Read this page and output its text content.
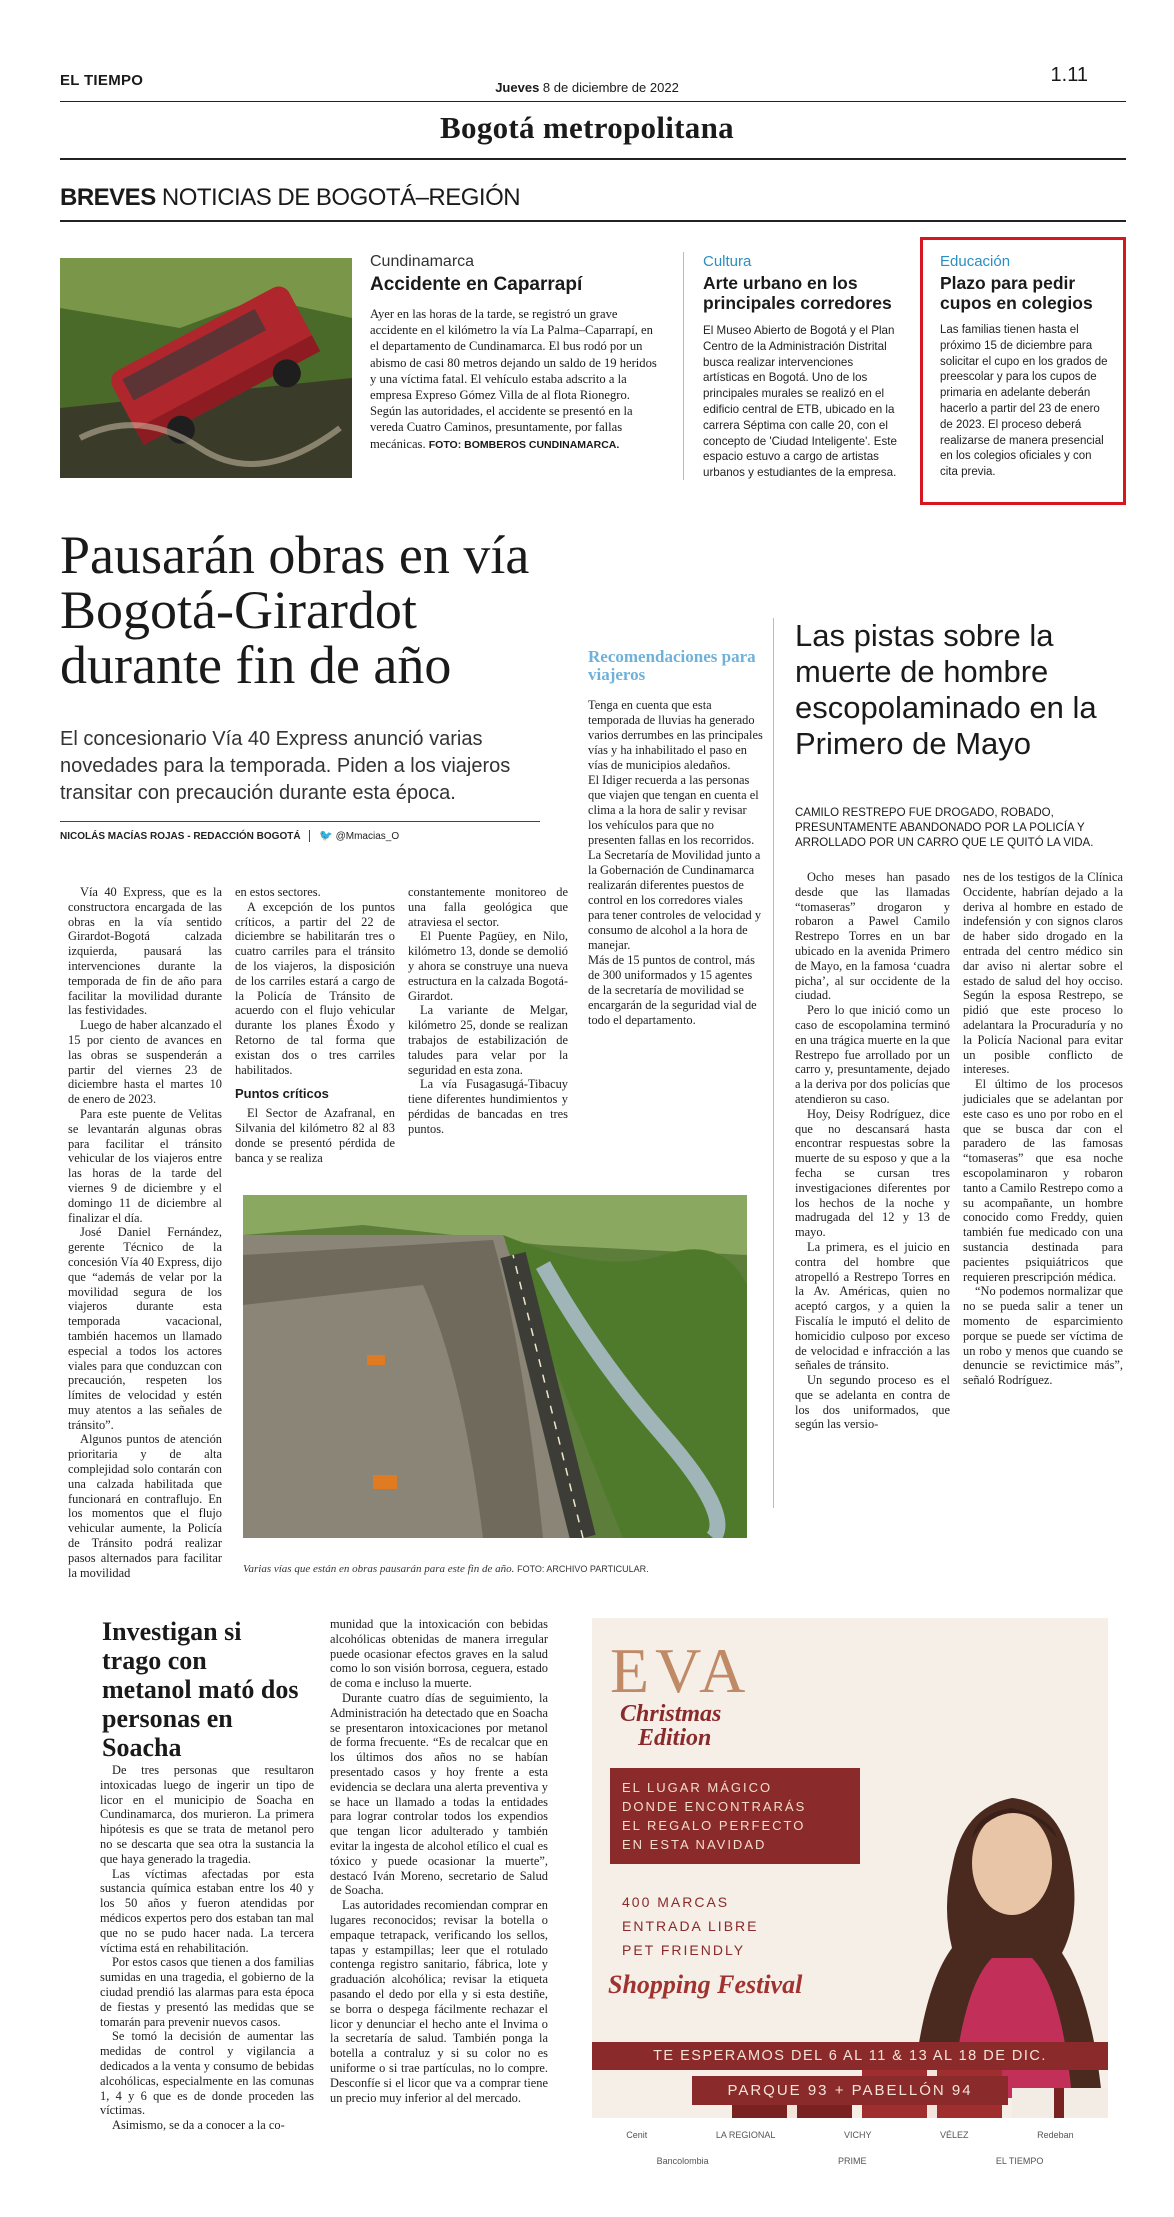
EL TIEMPO	Jueves 8 de diciembre de 2022
1.11
Bogotá metropolitana
BREVES NOTICIAS DE BOGOTÁ–REGIÓN
Cundinamarca
Accidente en Caparrapí
Ayer en las horas de la tarde, se registró un grave accidente en el kilómetro la vía La Palma–Caparrapí, en el departamento de Cundinamarca. El bus rodó por un abismo de casi 80 metros dejando un saldo de 19 heridos y una víctima fatal. El vehículo estaba adscrito a la empresa Expreso Gómez Villa de al flota Rionegro. Según las autoridades, el accidente se presentó en la vereda Cuatro Caminos, presuntamente, por fallas mecánicas. FOTO: BOMBEROS CUNDINAMARCA.
Cultura
Arte urbano en los principales corredores
El Museo Abierto de Bogotá y el Plan Centro de la Administración Distrital busca realizar intervenciones artísticas en Bogotá. Uno de los principales murales se realizó en el edificio central de ETB, ubicado en la carrera Séptima con calle 20, con el concepto de 'Ciudad Inteligente'. Este espacio estuvo a cargo de artistas urbanos y estudiantes de la empresa.
Educación
Plazo para pedir cupos en colegios
Las familias tienen hasta el próximo 15 de diciembre para solicitar el cupo en los grados de preescolar y para los cupos de primaria en adelante deberán hacerlo a partir del 23 de enero de 2023. El proceso deberá realizarse de manera presencial en los colegios oficiales y con cita previa.
Pausarán obras en vía Bogotá-Girardot durante fin de año
El concesionario Vía 40 Express anunció varias novedades para la temporada. Piden a los viajeros transitar con precaución durante esta época.
NICOLÁS MACÍAS ROJAS - REDACCIÓN BOGOTÁ 🐦 @Mmacias_O

Vía 40 Express, que es la constructora encargada de las obras en la vía sentido Girardot-Bogotá calzada izquierda, pausará las intervenciones durante la temporada de fin de año para facilitar la movilidad durante las festividades.

Luego de haber alcanzado el 15 por ciento de avances en las obras se suspenderán a partir del viernes 23 de diciembre hasta el martes 10 de enero de 2023.

Para este puente de Velitas se levantarán algunas obras para facilitar el tránsito vehicular de los viajeros entre las horas de la tarde del viernes 9 de diciembre y el domingo 11 de diciembre al finalizar el día.

José Daniel Fernández, gerente Técnico de la concesión Vía 40 Express, dijo que “además de velar por la movilidad segura de los viajeros durante esta temporada vacacional, también hacemos un llamado especial a todos los actores viales para que conduzcan con precaución, respeten los límites de velocidad y estén muy atentos a las señales de tránsito”.

Algunos puntos de atención prioritaria y de alta complejidad solo contarán con una calzada habilitada que funcionará en contraflujo. En los momentos que el flujo vehicular aumente, la Policía de Tránsito podrá realizar pasos alternados para facilitar la movilidad

en estos sectores.

A excepción de los puntos críticos, a partir del 22 de diciembre se habilitarán tres o cuatro carriles para el tránsito de los viajeros, la disposición de los carriles estará a cargo de la Policía de Tránsito de acuerdo con el flujo vehicular durante los planes Éxodo y Retorno de tal forma que existan dos o tres carriles habilitados.

Puntos críticos

El Sector de Azafranal, en Silvania del kilómetro 82 al 83 donde se presentó pérdida de banca y se realiza

constantemente monitoreo de una falla geológica que atraviesa el sector.

El Puente Pagüey, en Nilo, kilómetro 13, donde se demolió y ahora se construye una nueva estructura en la calzada Bogotá-Girardot.

La variante de Melgar, kilómetro 25, donde se realizan trabajos de estabilización de taludes para velar por la seguridad en esta zona.

La vía Fusagasugá-Tibacuy tiene diferentes hundimientos y pérdidas de bancadas en tres puntos.

Varias vías que están en obras pausarán para este fin de año. FOTO: ARCHIVO PARTICULAR.
Recomendaciones para viajeros

Tenga en cuenta que esta temporada de lluvias ha generado varios derrumbes en las principales vías y ha inhabilitado el paso en vías de municipios aledaños.

El Idiger recuerda a las personas que viajen que tengan en cuenta el clima a la hora de salir y revisar los vehículos para que no presenten fallas en los recorridos. La Secretaría de Movilidad junto a la Gobernación de Cundinamarca realizarán diferentes puestos de control en los corredores viales para tener controles de velocidad y consumo de alcohol a la hora de manejar.

Más de 15 puntos de control, más de 300 uniformados y 15 agentes de la secretaría de movilidad se encargarán de la seguridad vial de todo el departamento.

Las pistas sobre la muerte de hombre escopolaminado en la Primero de Mayo
CAMILO RESTREPO FUE DROGADO, ROBADO, PRESUNTAMENTE ABANDONADO POR LA POLICÍA Y ARROLLADO POR UN CARRO QUE LE QUITÓ LA VIDA.

Ocho meses han pasado desde que las llamadas “tomaseras” drogaron y robaron a Pawel Camilo Restrepo Torres en un bar ubicado en la avenida Primero de Mayo, en la famosa ‘cuadra picha’, al sur occidente de la ciudad.

Pero lo que inició como un caso de escopolamina terminó en una trágica muerte en la que Restrepo fue arrollado por un carro y, presuntamente, dejado a la deriva por dos policías que atendieron su caso.

Hoy, Deisy Rodríguez, dice que no descansará hasta encontrar respuestas sobre la muerte de su esposo y que a la fecha se cursan tres investigaciones diferentes por los hechos de la noche y madrugada del 12 y 13 de mayo.

La primera, es el juicio en contra del hombre que atropelló a Restrepo Torres en la Av. Américas, quien no aceptó cargos, y a quien la Fiscalía le imputó el delito de homicidio culposo por exceso de velocidad e infracción a las señales de tránsito.

Un segundo proceso es el que se adelanta en contra de los dos uniformados, que según las versio-

nes de los testigos de la Clínica Occidente, habrían dejado a la deriva al hombre en estado de indefensión y con signos claros de haber sido drogado en la entrada del centro médico sin dar aviso ni alertar sobre el estado de salud del hoy occiso. Según la esposa Restrepo, se pidió que este proceso lo adelantara la Procuraduría y no la Policía Nacional para evitar un posible conflicto de intereses.

El último de los procesos judiciales que se adelantan por este caso es uno por robo en el que se busca dar con el paradero de las famosas “tomaseras” que esa noche escopolaminaron y robaron tanto a Camilo Restrepo como a su acompañante, un hombre conocido como Freddy, quien también fue medicado con una sustancia destinada para pacientes psiquiátricos que requieren prescripción médica.

“No podemos normalizar que no se pueda salir a tener un momento de esparcimiento porque se puede ser víctima de un robo y menos que cuando se denuncie se revictimice más”, señaló Rodríguez.

Investigan si trago con metanol mató dos personas en Soacha

De tres personas que resultaron intoxicadas luego de ingerir un tipo de licor en el municipio de Soacha en Cundinamarca, dos murieron. La primera hipótesis es que se trata de metanol pero no se descarta que sea otra la sustancia la que haya generado la tragedia.

Las víctimas afectadas por esta sustancia química estaban entre los 40 y los 50 años y fueron atendidas por médicos expertos pero dos estaban tan mal que no se pudo hacer nada. La tercera víctima está en rehabilitación.

Por estos casos que tienen a dos familias sumidas en una tragedia, el gobierno de la ciudad prendió las alarmas para esta época de fiestas y presentó las medidas que se tomarán para prevenir nuevos casos.

Se tomó la decisión de aumentar las medidas de control y vigilancia a dedicados a la venta y consumo de bebidas alcohólicas, especialmente en las comunas 1, 4 y 6 que es de donde proceden las víctimas.

Asimismo, se da a conocer a la co-

munidad que la intoxicación con bebidas alcohólicas obtenidas de manera irregular puede ocasionar efectos graves en la salud como lo son visión borrosa, ceguera, estado de coma e incluso la muerte.

Durante cuatro días de seguimiento, la Administración ha detectado que en Soacha se presentaron intoxicaciones por metanol de forma frecuente. “Es de recalcar que en los últimos dos años no se habían presentado casos y hoy frente a esta evidencia se declara una alerta preventiva y se hace un llamado a todas la entidades para lograr controlar todos los expendios que tengan licor adulterado y también evitar la ingesta de alcohol etílico el cual es tóxico y puede ocasionar la muerte”, destacó Iván Moreno, secretario de Salud de Soacha.

Las autoridades recomiendan comprar en lugares reconocidos; revisar la botella o empaque tetrapack, verificando los sellos, tapas y estampillas; leer que el rotulado contenga registro sanitario, fábrica, lote y graduación alcohólica; revisar la etiqueta pasando el dedo por ella y si esta destiñe, se borra o despega fácilmente rechazar el licor y denunciar el hecho ante el Invima o la secretaría de salud. También ponga la botella a contraluz y si su color no es uniforme o si trae partículas, no lo compre. Desconfíe si el licor que va a comprar tiene un precio muy inferior al del mercado.

EVA
Christmas
Edition
EL LUGAR MÁGICO
DONDE ENCONTRARÁS
EL REGALO PERFECTO
EN ESTA NAVIDAD
400 MARCAS
ENTRADA LIBRE
PET FRIENDLY
Shopping Festival
TE ESPERAMOS DEL 6 AL 11 & 13 AL 18 DE DIC.
PARQUE 93 + PABELLÓN 94
Cenit	LA REGIONAL	VICHY	VÉLEZ	Redeban
Bancolombia	PRIME	EL TIEMPO
